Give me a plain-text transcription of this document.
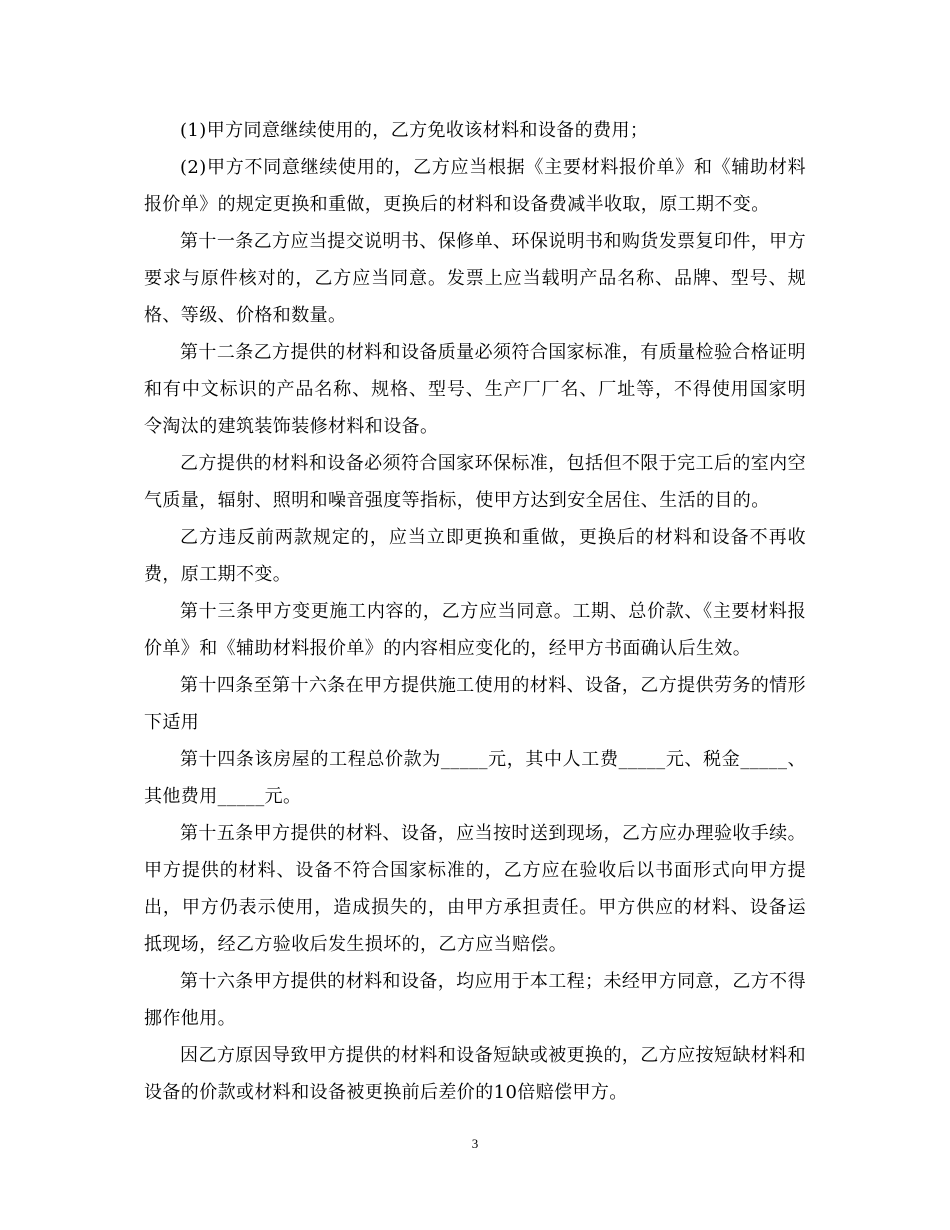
(1)甲方同意继续使用的，乙方免收该材料和设备的费用；

(2)甲方不同意继续使用的，乙方应当根据《主要材料报价单》和《辅助材料报价单》的规定更换和重做，更换后的材料和设备费减半收取，原工期不变。

第十一条乙方应当提交说明书、保修单、环保说明书和购货发票复印件，甲方要求与原件核对的，乙方应当同意。发票上应当载明产品名称、品牌、型号、规格、等级、价格和数量。

第十二条乙方提供的材料和设备质量必须符合国家标准，有质量检验合格证明和有中文标识的产品名称、规格、型号、生产厂厂名、厂址等，不得使用国家明令淘汰的建筑装饰装修材料和设备。

乙方提供的材料和设备必须符合国家环保标准，包括但不限于完工后的室内空气质量，辐射、照明和噪音强度等指标，使甲方达到安全居住、生活的目的。

乙方违反前两款规定的，应当立即更换和重做，更换后的材料和设备不再收费，原工期不变。

第十三条甲方变更施工内容的，乙方应当同意。工期、总价款、《主要材料报价单》和《辅助材料报价单》的内容相应变化的，经甲方书面确认后生效。

第十四条至第十六条在甲方提供施工使用的材料、设备，乙方提供劳务的情形下适用

第十四条该房屋的工程总价款为_____元，其中人工费_____元、税金_____、其他费用_____元。

第十五条甲方提供的材料、设备，应当按时送到现场，乙方应办理验收手续。甲方提供的材料、设备不符合国家标准的，乙方应在验收后以书面形式向甲方提出，甲方仍表示使用，造成损失的，由甲方承担责任。甲方供应的材料、设备运抵现场，经乙方验收后发生损坏的，乙方应当赔偿。

第十六条甲方提供的材料和设备，均应用于本工程；未经甲方同意，乙方不得挪作他用。

因乙方原因导致甲方提供的材料和设备短缺或被更换的，乙方应按短缺材料和设备的价款或材料和设备被更换前后差价的10倍赔偿甲方。

3
